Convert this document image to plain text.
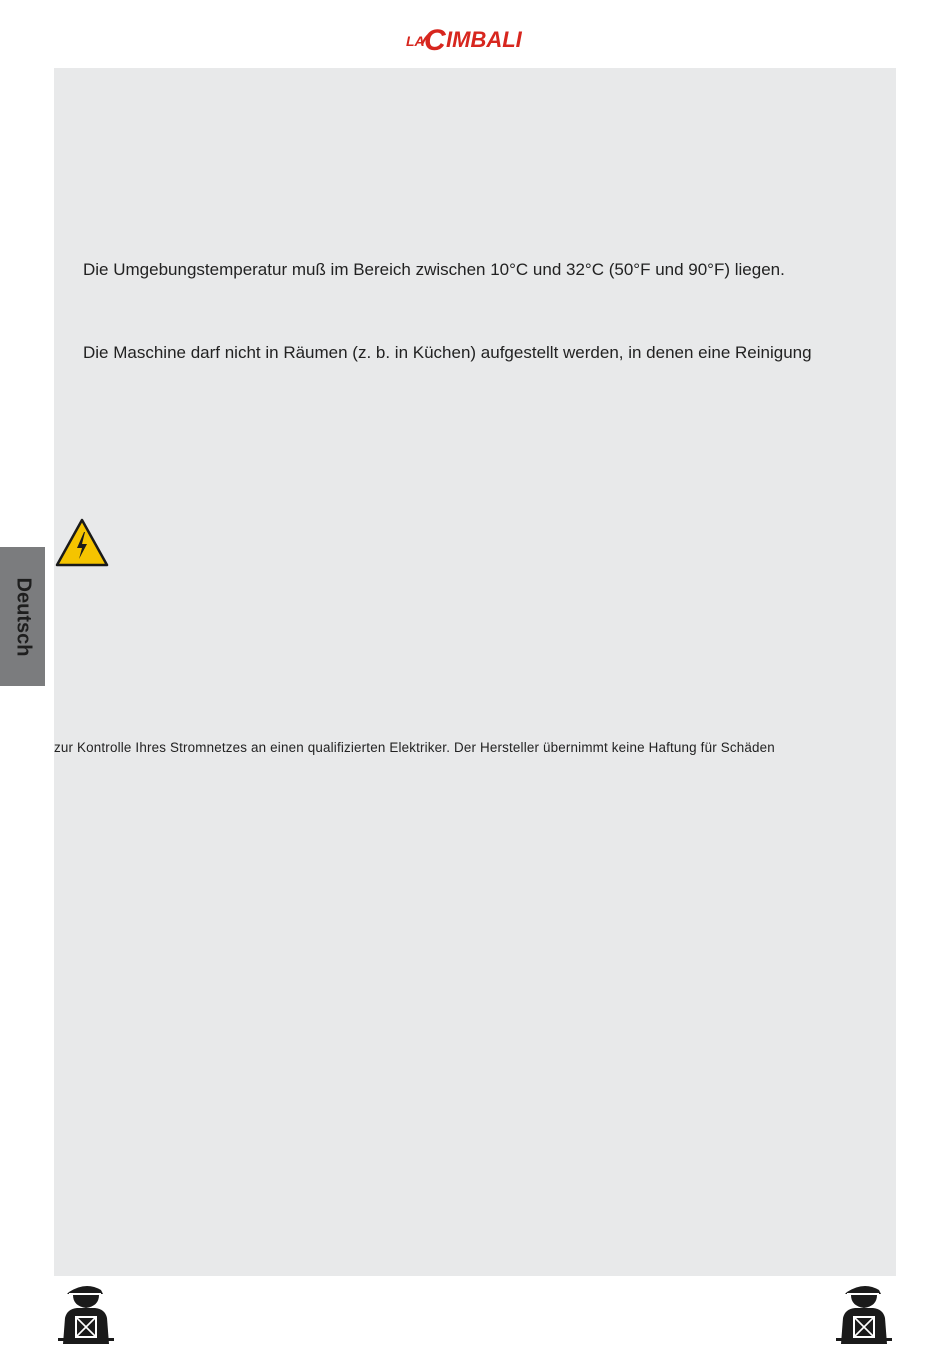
LA C IMBALI

Die Umgebungstemperatur muß im Bereich zwischen 10°C und 32°C (50°F und 90°F) liegen.

Die Maschine darf nicht in Räumen (z. b. in Küchen) aufgestellt werden, in denen eine Reinigung

Deutsch

zur Kontrolle Ihres Stromnetzes an einen qualifizierten Elektriker. Der Hersteller übernimmt keine Haftung für Schäden
